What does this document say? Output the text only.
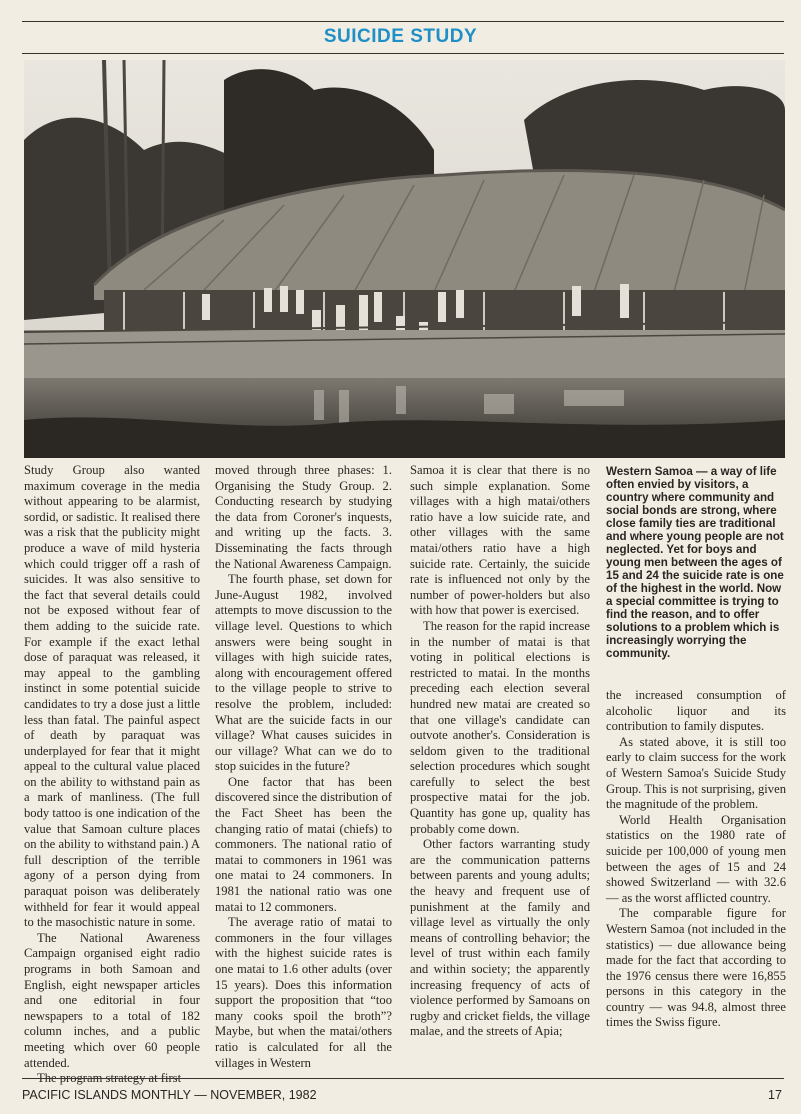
SUICIDE STUDY

Study Group also wanted maximum coverage in the media without appearing to be alarmist, sordid, or sadistic. It realised there was a risk that the publicity might produce a wave of mild hysteria which could trigger off a rash of suicides. It was also sensitive to the fact that several details could not be exposed without fear of them adding to the suicide rate. For example if the exact lethal dose of paraquat was released, it may appeal to the gambling instinct in some potential suicide candidates to try a dose just a little less than fatal. The painful aspect of death by paraquat was underplayed for fear that it might appeal to the cultural value placed on the ability to withstand pain as a mark of manliness. (The full body tattoo is one indication of the value that Samoan culture places on the ability to withstand pain.) A full description of the terrible agony of a person dying from paraquat poison was deliberately withheld for fear it would appeal to the masochistic nature in some.

The National Awareness Campaign organised eight radio programs in both Samoan and English, eight newspaper articles and one editorial in four newspapers to a total of 182 column inches, and a public meeting which over 60 people attended.

The program strategy at first

moved through three phases: 1. Organising the Study Group. 2. Conducting research by studying the data from Coroner's inquests, and writing up the facts. 3. Disseminating the facts through the National Awareness Campaign.

The fourth phase, set down for June-August 1982, involved attempts to move discussion to the village level. Questions to which answers were being sought in villages with high suicide rates, along with encouragement offered to the village people to strive to resolve the problem, included: What are the suicide facts in our village? What causes suicides in our village? What can we do to stop suicides in the future?

One factor that has been discovered since the distribution of the Fact Sheet has been the changing ratio of matai (chiefs) to commoners. The national ratio of matai to commoners in 1961 was one matai to 24 commoners. In 1981 the national ratio was one matai to 12 commoners.

The average ratio of matai to commoners in the four villages with the highest suicide rates is one matai to 1.6 other adults (over 15 years). Does this information support the proposition that “too many cooks spoil the broth”? Maybe, but when the matai/others ratio is calculated for all the villages in Western

Samoa it is clear that there is no such simple explanation. Some villages with a high matai/others ratio have a low suicide rate, and other villages with the same matai/others ratio have a high suicide rate. Certainly, the suicide rate is influenced not only by the number of power-holders but also with how that power is exercised.

The reason for the rapid increase in the number of matai is that voting in political elections is restricted to matai. In the months preceding each election several hundred new matai are created so that one village's candidate can outvote another's. Consideration is seldom given to the traditional selection procedures which sought carefully to select the best prospective matai for the job. Quantity has gone up, quality has probably come down.

Other factors warranting study are the communication patterns between parents and young adults; the heavy and frequent use of punishment at the family and village level as virtually the only means of controlling behavior; the level of trust within each family and within society; the apparently increasing frequency of acts of violence performed by Samoans on rugby and cricket fields, the village malae, and the streets of Apia;

Western Samoa — a way of life often envied by visitors, a country where community and social bonds are strong, where close family ties are traditional and where young people are not neglected. Yet for boys and young men between the ages of 15 and 24 the suicide rate is one of the highest in the world. Now a special committee is trying to find the reason, and to offer solutions to a problem which is increasingly worrying the community.

the increased consumption of alcoholic liquor and its contribution to family disputes.

As stated above, it is still too early to claim success for the work of Western Samoa's Suicide Study Group. This is not surprising, given the magnitude of the problem.

World Health Organisation statistics on the 1980 rate of suicide per 100,000 of young men between the ages of 15 and 24 showed Switzerland — with 32.6 — as the worst afflicted country.

The comparable figure for Western Samoa (not included in the statistics) — due allowance being made for the fact that according to the 1976 census there were 16,855 persons in this category in the country — was 94.8, almost three times the Swiss figure.

PACIFIC ISLANDS MONTHLY — NOVEMBER, 1982	17
